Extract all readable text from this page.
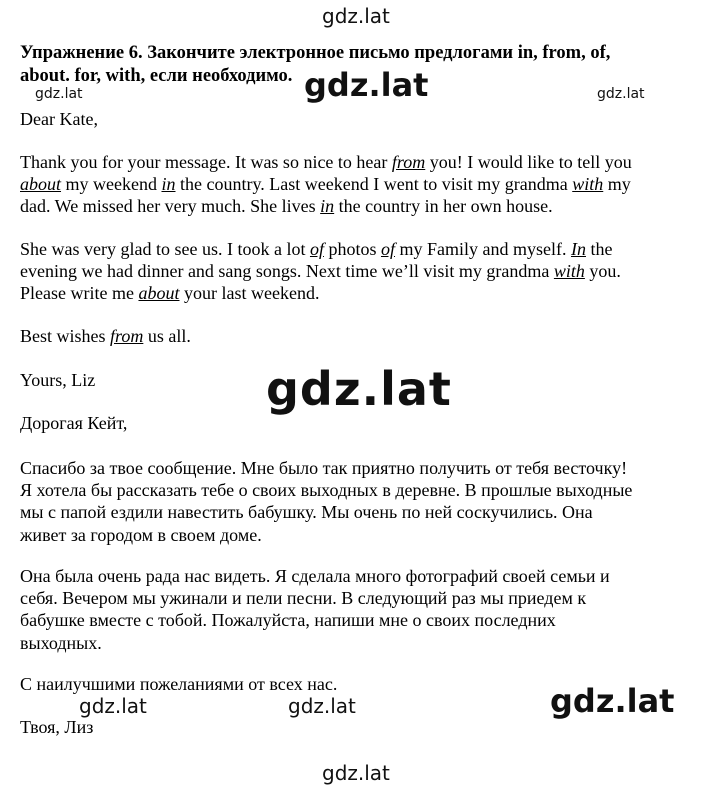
gdz.lat
Упражнение 6. Закончите электронное письмо предлогами in, from, of,
about. for, with, если необходимо. gdz.lat
gdz.lat	gdz.lat
Dear Kate,
Thank you for your message. It was so nice to hear from you! I would like to tell you
about my weekend in the country. Last weekend I went to visit my grandma with my
dad. We missed her very much. She lives in the country in her own house.
She was very glad to see us. I took a lot of photos of my Family and myself. In the
evening we had dinner and sang songs. Next time we’ll visit my grandma with you.
Please write me about your last weekend.
Best wishes from us all.
Yours, Liz	gdz.lat
Дорогая Кейт,
Спасибо за твое сообщение. Мне было так приятно получить от тебя весточку!
Я хотела бы рассказать тебе о своих выходных в деревне. В прошлые выходные
мы с папой ездили навестить бабушку. Мы очень по ней соскучились. Она
живет за городом в своем доме.
Она была очень рада нас видеть. Я сделала много фотографий своей семьи и
себя. Вечером мы ужинали и пели песни. В следующий раз мы приедем к
бабушке вместе с тобой. Пожалуйста, напиши мне о своих последних
выходных.
С наилучшими пожеланиями от всех нас.
gdz.lat	gdz.lat	gdz.lat
Твоя, Лиз
gdz.lat
